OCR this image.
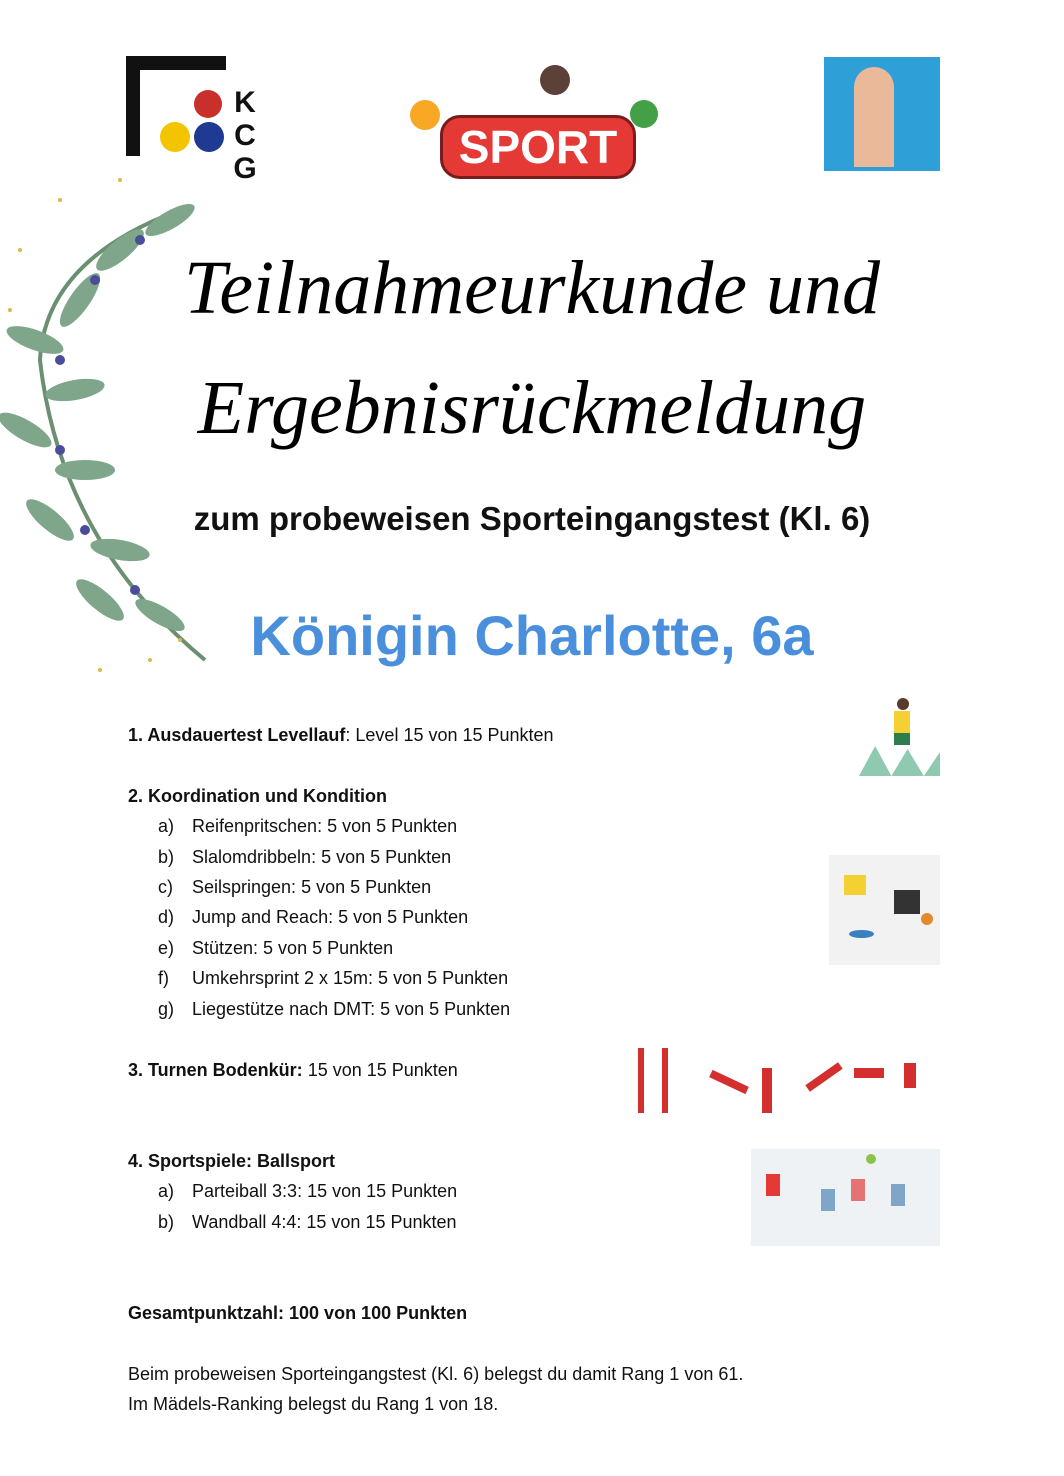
K
C
G	SPORT
Teilnahmeurkunde und
Ergebnisrückmeldung
zum probeweisen Sporteingangstest (Kl. 6)
Königin Charlotte, 6a
1. Ausdauertest Levellauf: Level 15 von 15 Punkten
2. Koordination und Kondition
a) Reifenpritschen: 5 von 5 Punkten
b) Slalomdribbeln: 5 von 5 Punkten
c) Seilspringen: 5 von 5 Punkten
d) Jump and Reach: 5 von 5 Punkten
e) Stützen: 5 von 5 Punkten
f) Umkehrsprint 2 x 15m: 5 von 5 Punkten
g) Liegestütze nach DMT: 5 von 5 Punkten
3. Turnen Bodenkür: 15 von 15 Punkten
4. Sportspiele: Ballsport
a) Parteiball 3:3: 15 von 15 Punkten
b) Wandball 4:4: 15 von 15 Punkten
Gesamtpunktzahl: 100 von 100 Punkten
Beim probeweisen Sporteingangstest (Kl. 6) belegst du damit Rang 1 von 61.
Im Mädels-Ranking belegst du Rang 1 von 18.
